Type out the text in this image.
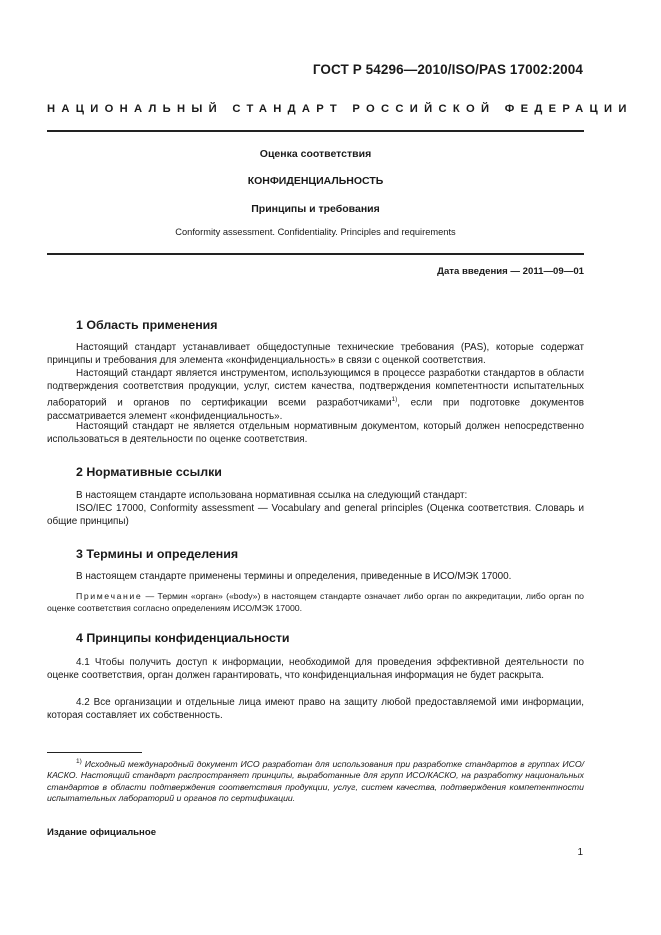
ГОСТ Р 54296—2010/ISO/PAS 17002:2004
НАЦИОНАЛЬНЫЙ СТАНДАРТ РОССИЙСКОЙ ФЕДЕРАЦИИ
Оценка соответствия
КОНФИДЕНЦИАЛЬНОСТЬ
Принципы и требования
Conformity assessment. Confidentiality. Principles and requirements
Дата введения — 2011—09—01
1 Область применения
Настоящий стандарт устанавливает общедоступные технические требования (PAS), которые содержат принципы и требования для элемента «конфиденциальность» в связи с оценкой соответствия.
Настоящий стандарт является инструментом, использующимся в процессе разработки стандартов в области подтверждения соответствия продукции, услуг, систем качества, подтверждения компетентности испытательных лабораторий и органов по сертификации всеми разработчиками$^{1)}$, если при подготовке документов рассматривается элемент «конфиденциальность».
Настоящий стандарт не является отдельным нормативным документом, который должен непосредственно использоваться в деятельности по оценке соответствия.
2 Нормативные ссылки
В настоящем стандарте использована нормативная ссылка на следующий стандарт:
ISO/IEC 17000, Conformity assessment — Vocabulary and general principles (Оценка соответствия. Словарь и общие принципы)
3 Термины и определения
В настоящем стандарте применены термины и определения, приведенные в ИСО/МЭК 17000.
Примечание — Термин «орган» («body») в настоящем стандарте означает либо орган по аккредитации, либо орган по оценке соответствия согласно определениям ИСО/МЭК 17000.
4 Принципы конфиденциальности
4.1 Чтобы получить доступ к информации, необходимой для проведения эффективной деятельности по оценке соответствия, орган должен гарантировать, что конфиденциальная информация не будет раскрыта.
4.2 Все организации и отдельные лица имеют право на защиту любой предоставляемой ими информации, которая составляет их собственность.
$^{1)}$ Исходный международный документ ИСО разработан для использования при разработке стандартов в группах ИСО/КАСКО. Настоящий стандарт распространяет принципы, выработанные для групп ИСО/КАСКО, на разработку национальных стандартов в области подтверждения соответствия продукции, услуг, систем качества, подтверждения компетентности испытательных лабораторий и органов по сертификации.
Издание официальное
1
